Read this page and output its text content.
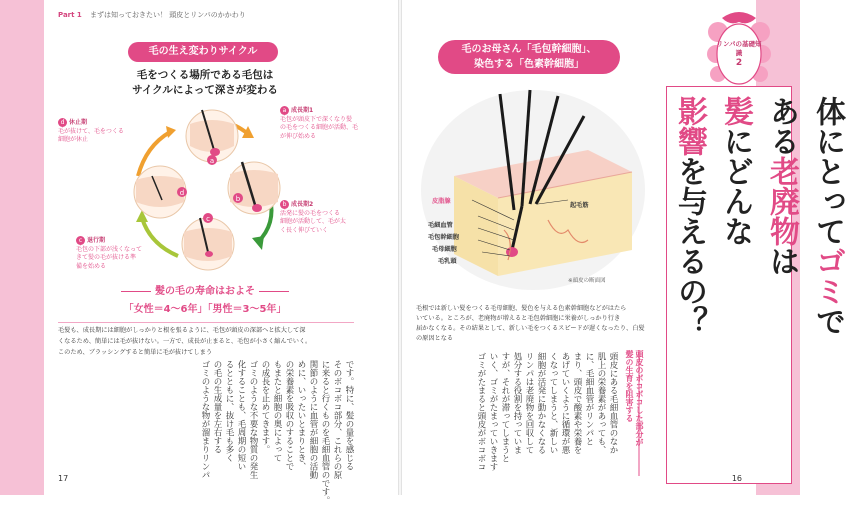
Part 1 まずは知っておきたい！ 頭皮とリンパのかかわり
毛の生え変わりサイクル
毛をつくる場所である毛包は
サイクルによって深さが変わる
d 休止期
毛が抜けて、毛をつくる
細胞が休止
a 成長期1
毛包が頭皮下で深くなり髪
の毛をつくる細胞が活動、毛
が伸び始める
b 成長期2
活発に髪の毛をつくる
細胞が活動して、毛が太
く長く伸びていく
c 退行期
毛包の下部が浅くなって
きて髪の毛が抜ける準
備を始める
a
b
c
d
髪の毛の寿命はおよそ
「女性＝4〜6年」「男性＝3〜5年」
毛髪も、成長期には細胞がしっかりと根を張るように、毛包が頭皮の深部へと拡大して深
くなるため、簡単には毛が抜けない。一方で、成長が止まると、毛包が小さく縮んでいく。
このため、ブラッシングすると簡単に毛が抜けてしまう
です。特に、髪の量を感じる
そのボコボコ部分、これらの原
に来ると行くものを毛細血管のです。
関節のように血管が細胞の活動
めに、いったいとまりとき、
の栄養素を吸収のすることで
もまたと細胞の奥によって
の成長を止めてきます。
ゴミのような不要な物質の発生
化することも、毛周期の短い
るとともに、抜け毛も多く
の毛の生成量を左右する
ゴミのような物が溜まりリンパ
17
毛のお母さん「毛包幹細胞」、
染色する「色素幹細胞」
皮脂腺
起毛筋
毛細血管
毛包幹細胞
毛母細胞
毛乳頭
※頭皮の断面図
毛根では新しい髪をつくる毛母細胞、髪色を与える色素幹細胞などがはたら
いている。ところが、老廃物が増えると毛包幹細胞に栄養がしっかり行き
届かなくなる。その結果として、新しい毛をつくるスピードが遅くなったり、白髪
の原因となる
頭皮にある毛細血管のなか
肌上の栄養素があっても、
に、毛細血管がリンパと
まり、頭皮で酸素や栄養を
あげていくように循環が悪
くなってしまうと、新しい
細胞が活発に動かなくなる
リンパは老廃物を回収して
処分する役割を持っていま
すが、それが滞ってしまうと
いく、ゴミがたまっていきます
ゴミがたまると頭皮がボコボコ	頭皮のボコボコした部分が
髪の生育を阻害する
リンパの基礎知識
2
体にとってゴミで
ある老廃物は
髪にどんな
影響を与えるの？
16
